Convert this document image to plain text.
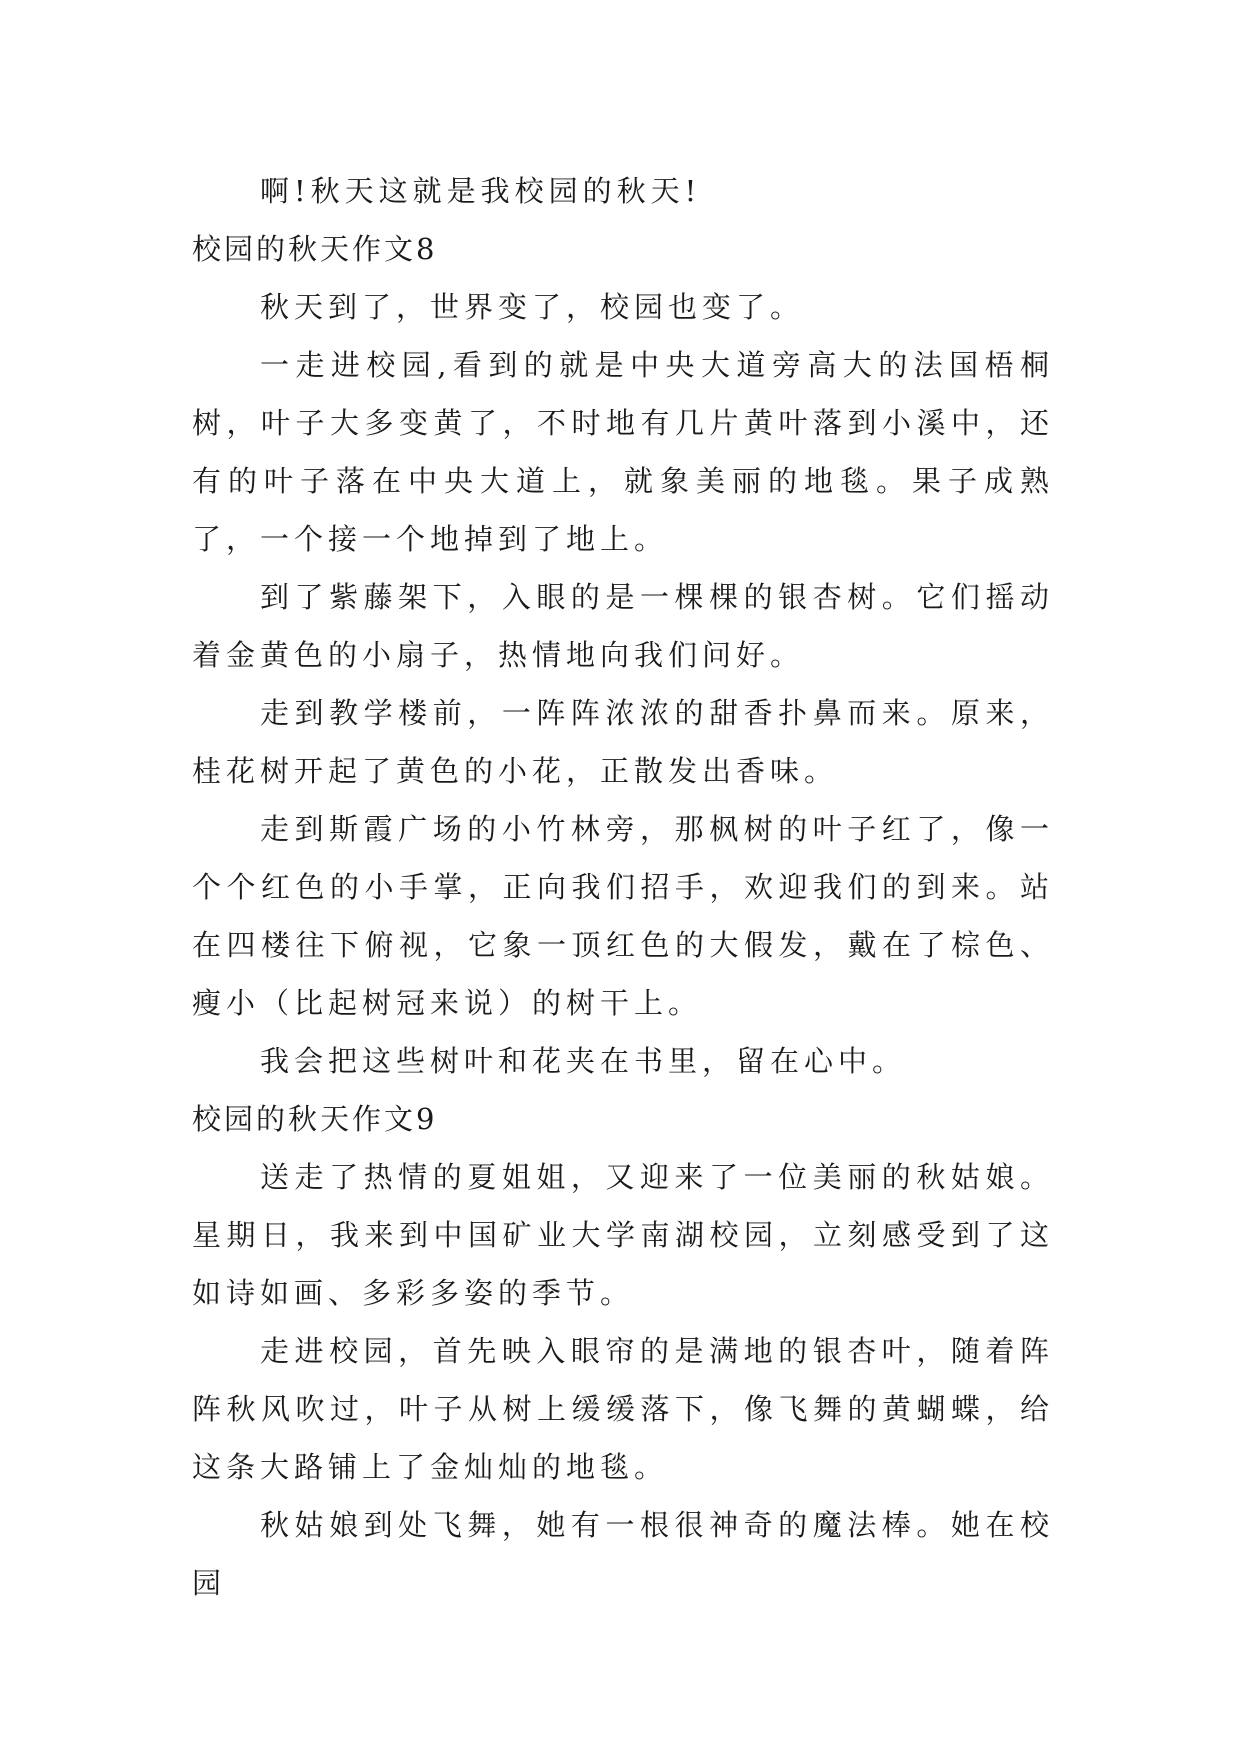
啊!秋天这就是我校园的秋天!

校园的秋天作文8

秋天到了，世界变了，校园也变了。

一走进校园,看到的就是中央大道旁高大的法国梧桐树，叶子大多变黄了，不时地有几片黄叶落到小溪中，还有的叶子落在中央大道上，就象美丽的地毯。果子成熟了，一个接一个地掉到了地上。

到了紫藤架下，入眼的是一棵棵的银杏树。它们摇动着金黄色的小扇子，热情地向我们问好。

走到教学楼前，一阵阵浓浓的甜香扑鼻而来。原来，桂花树开起了黄色的小花，正散发出香味。

走到斯霞广场的小竹林旁，那枫树的叶子红了，像一个个红色的小手掌，正向我们招手，欢迎我们的到来。站在四楼往下俯视，它象一顶红色的大假发，戴在了棕色、瘦小（比起树冠来说）的树干上。

我会把这些树叶和花夹在书里，留在心中。

校园的秋天作文9

送走了热情的夏姐姐，又迎来了一位美丽的秋姑娘。星期日，我来到中国矿业大学南湖校园，立刻感受到了这如诗如画、多彩多姿的季节。

走进校园，首先映入眼帘的是满地的银杏叶，随着阵阵秋风吹过，叶子从树上缓缓落下，像飞舞的黄蝴蝶，给这条大路铺上了金灿灿的地毯。

秋姑娘到处飞舞，她有一根很神奇的魔法棒。她在校园
